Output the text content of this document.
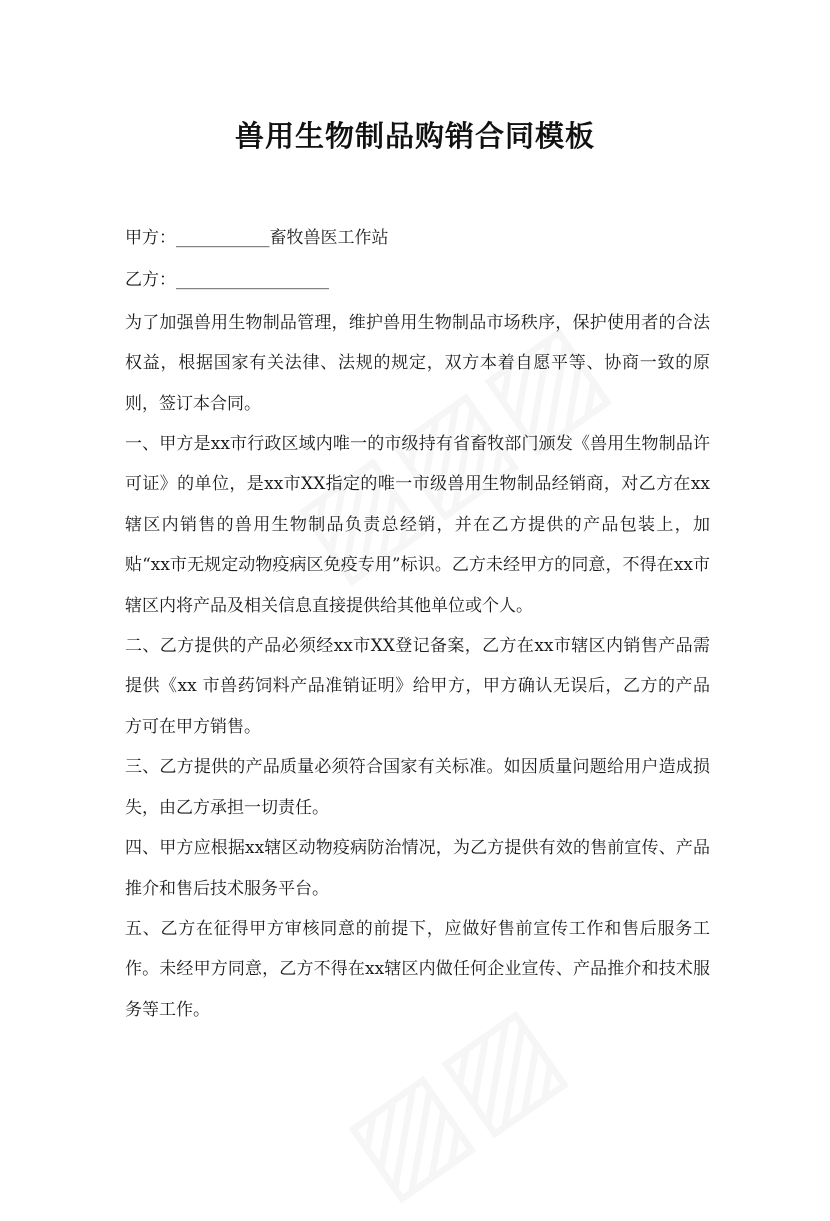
兽用生物制品购销合同模板

甲方：___________畜牧兽医工作站

乙方：__________________

为了加强兽用生物制品管理，维护兽用生物制品市场秩序，保护使用者的合法权益，根据国家有关法律、法规的规定，双方本着自愿平等、协商一致的原则，签订本合同。

一、甲方是xx市行政区域内唯一的市级持有省畜牧部门颁发《兽用生物制品许可证》的单位，是xx市XX指定的唯一市级兽用生物制品经销商，对乙方在xx辖区内销售的兽用生物制品负责总经销，并在乙方提供的产品包装上，加贴“xx市无规定动物疫病区免疫专用”标识。乙方未经甲方的同意，不得在xx市辖区内将产品及相关信息直接提供给其他单位或个人。

二、乙方提供的产品必须经xx市XX登记备案，乙方在xx市辖区内销售产品需提供《xx 市兽药饲料产品准销证明》给甲方，甲方确认无误后，乙方的产品方可在甲方销售。

三、乙方提供的产品质量必须符合国家有关标准。如因质量问题给用户造成损失，由乙方承担一切责任。

四、甲方应根据xx辖区动物疫病防治情况，为乙方提供有效的售前宣传、产品推介和售后技术服务平台。

五、乙方在征得甲方审核同意的前提下，应做好售前宣传工作和售后服务工作。未经甲方同意，乙方不得在xx辖区内做任何企业宣传、产品推介和技术服务等工作。
